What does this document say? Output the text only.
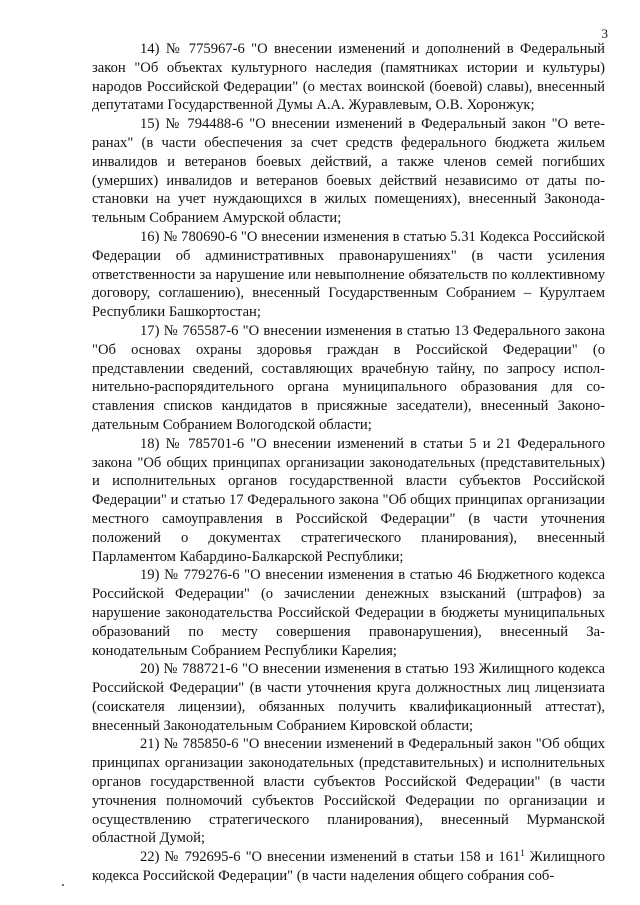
3

14) № 775967-6 "О внесении изменений и дополнений в Федеральный закон "Об объектах культурного наследия (памятниках истории и культуры) народов Российской Федерации" (о местах воинской (боевой) славы), внесенный депутатами Государственной Думы А.А. Журавлевым, О.В. Хоронжук;

15) № 794488-6 "О внесении изменений в Федеральный закон "О ветеранах" (в части обеспечения за счет средств федерального бюджета жильем инвалидов и ветеранов боевых действий, а также членов семей погибших (умерших) инвалидов и ветеранов боевых действий независимо от даты постановки на учет нуждающихся в жилых помещениях), внесенный Законодательным Собранием Амурской области;

16) № 780690-6 "О внесении изменения в статью 5.31 Кодекса Российской Федерации об административных правонарушениях" (в части усиления ответственности за нарушение или невыполнение обязательств по коллективному договору, соглашению), внесенный Государственным Собранием – Курултаем Республики Башкортостан;

17) № 765587-6 "О внесении изменения в статью 13 Федерального закона "Об основах охраны здоровья граждан в Российской Федерации" (о представлении сведений, составляющих врачебную тайну, по запросу исполнительно-распорядительного органа муниципального образования для составления списков кандидатов в присяжные заседатели), внесенный Законодательным Собранием Вологодской области;

18) № 785701-6 "О внесении изменений в статьи 5 и 21 Федерального закона "Об общих принципах организации законодательных (представительных) и исполнительных органов государственной власти субъектов Российской Федерации" и статью 17 Федерального закона "Об общих принципах организации местного самоуправления в Российской Федерации" (в части уточнения положений о документах стратегического планирования), внесенный Парламентом Кабардино-Балкарской Республики;

19) № 779276-6 "О внесении изменения в статью 46 Бюджетного кодекса Российской Федерации" (о зачислении денежных взысканий (штрафов) за нарушение законодательства Российской Федерации в бюджеты муниципальных образований по месту совершения правонарушения), внесенный Законодательным Собранием Республики Карелия;

20) № 788721-6 "О внесении изменения в статью 193 Жилищного кодекса Российской Федерации" (в части уточнения круга должностных лиц лицензиата (соискателя лицензии), обязанных получить квалификационный аттестат), внесенный Законодательным Собранием Кировской области;

21) № 785850-6 "О внесении изменений в Федеральный закон "Об общих принципах организации законодательных (представительных) и исполнительных органов государственной власти субъектов Российской Федерации" (в части уточнения полномочий субъектов Российской Федерации по организации и осуществлению стратегического планирования), внесенный Мурманской областной Думой;

22) № 792695-6 "О внесении изменений в статьи 158 и $161^1$ Жилищного кодекса Российской Федерации" (в части наделения общего собрания соб-
